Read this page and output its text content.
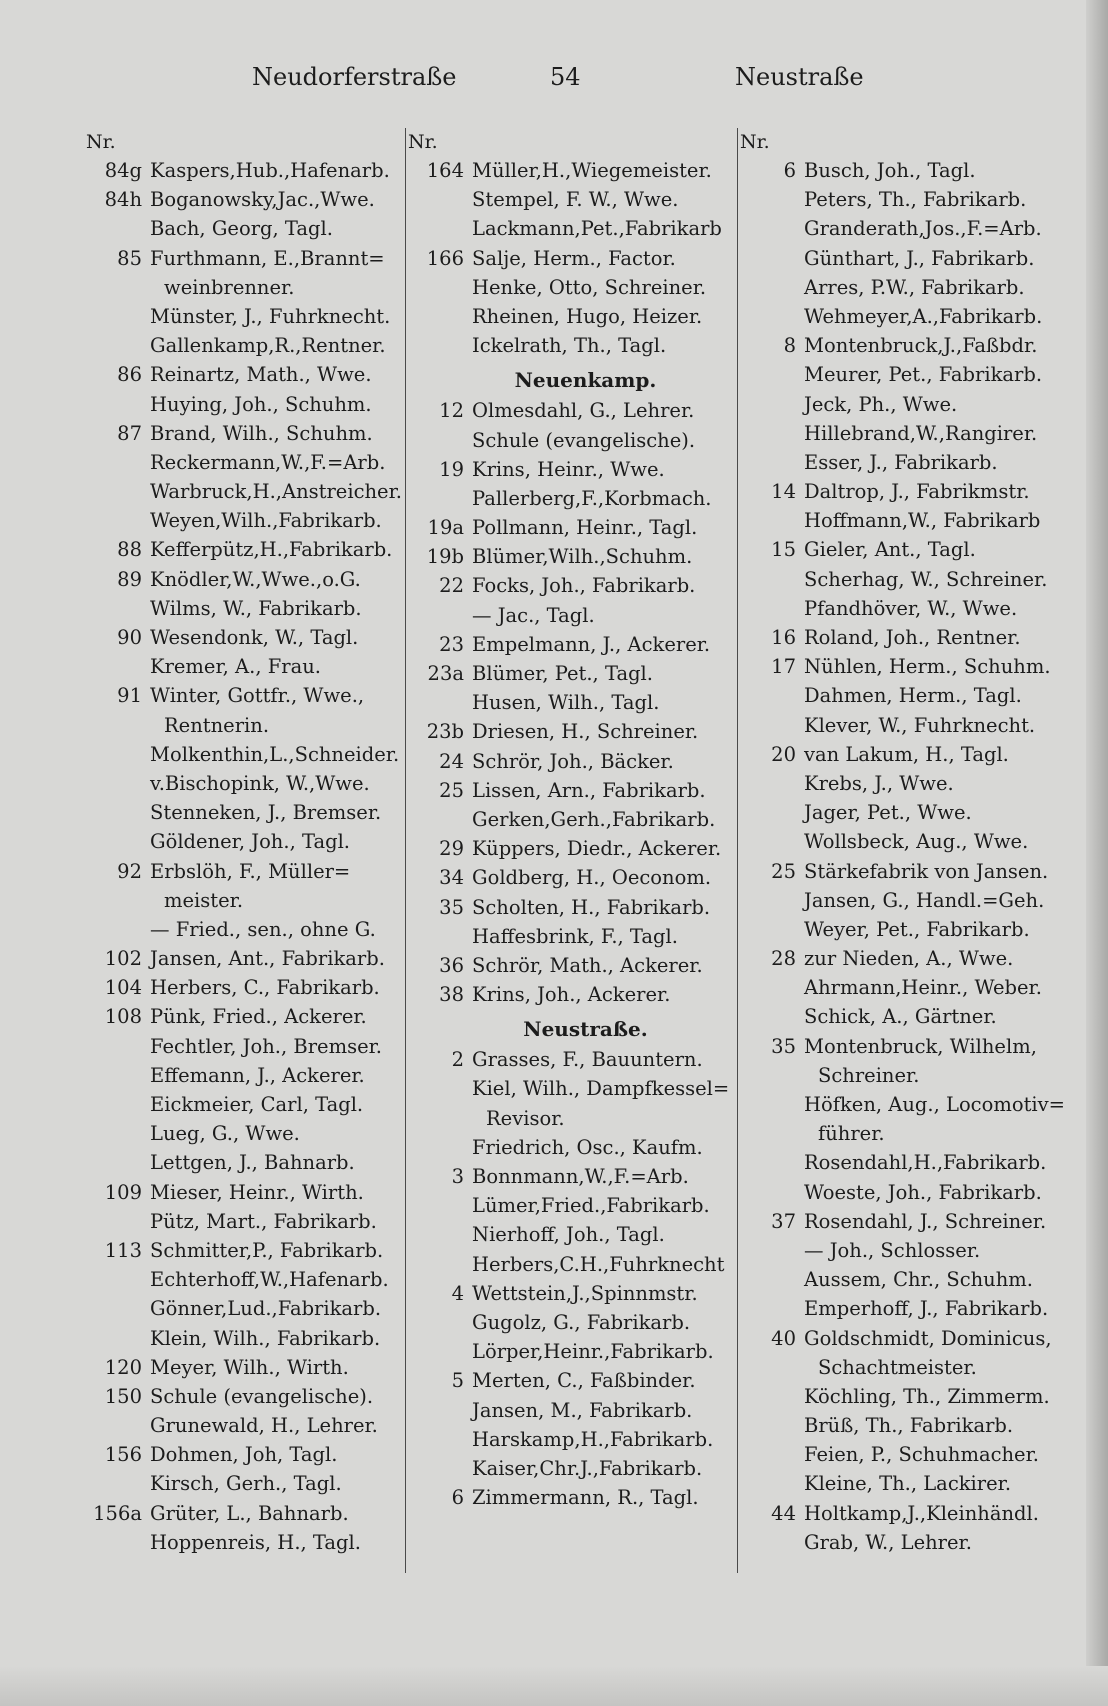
Neudorferstraße	54	Neustraße
Nr.
84g Kaspers,Hub.,Hafenarb.
84h Boganowsky,Jac.,Wwe.
Bach, Georg, Tagl.
85 Furthmann, E.,Brannt=
weinbrenner.
Münster, J., Fuhrknecht.
Gallenkamp,R.,Rentner.
86 Reinartz, Math., Wwe.
Huying, Joh., Schuhm.
87 Brand, Wilh., Schuhm.
Reckermann,W.,F.=Arb.
Warbruck,H.,Anstreicher.
Weyen,Wilh.,Fabrikarb.
88 Kefferpütz,H.,Fabrikarb.
89 Knödler,W.,Wwe.,o.G.
Wilms, W., Fabrikarb.
90 Wesendonk, W., Tagl.
Kremer, A., Frau.
91 Winter, Gottfr., Wwe.,
Rentnerin.
Molkenthin,L.,Schneider.
v.Bischopink, W.,Wwe.
Stenneken, J., Bremser.
Göldener, Joh., Tagl.
92 Erbslöh, F., Müller=
meister.
— Fried., sen., ohne G.
102 Jansen, Ant., Fabrikarb.
104 Herbers, C., Fabrikarb.
108 Pünk, Fried., Ackerer.
Fechtler, Joh., Bremser.
Effemann, J., Ackerer.
Eickmeier, Carl, Tagl.
Lueg, G., Wwe.
Lettgen, J., Bahnarb.
109 Mieser, Heinr., Wirth.
Pütz, Mart., Fabrikarb.
113 Schmitter,P., Fabrikarb.
Echterhoff,W.,Hafenarb.
Gönner,Lud.,Fabrikarb.
Klein, Wilh., Fabrikarb.
120 Meyer, Wilh., Wirth.
150 Schule (evangelische).
Grunewald, H., Lehrer.
156 Dohmen, Joh, Tagl.
Kirsch, Gerh., Tagl.
156a Grüter, L., Bahnarb.
Hoppenreis, H., Tagl.
Nr.
164 Müller,H.,Wiegemeister.
Stempel, F. W., Wwe.
Lackmann,Pet.,Fabrikarb
166 Salje, Herm., Factor.
Henke, Otto, Schreiner.
Rheinen, Hugo, Heizer.
Ickelrath, Th., Tagl.
Neuenkamp.
12 Olmesdahl, G., Lehrer.
Schule (evangelische).
19 Krins, Heinr., Wwe.
Pallerberg,F.,Korbmach.
19a Pollmann, Heinr., Tagl.
19b Blümer,Wilh.,Schuhm.
22 Focks, Joh., Fabrikarb.
— Jac., Tagl.
23 Empelmann, J., Ackerer.
23a Blümer, Pet., Tagl.
Husen, Wilh., Tagl.
23b Driesen, H., Schreiner.
24 Schrör, Joh., Bäcker.
25 Lissen, Arn., Fabrikarb.
Gerken,Gerh.,Fabrikarb.
29 Küppers, Diedr., Ackerer.
34 Goldberg, H., Oeconom.
35 Scholten, H., Fabrikarb.
Haffesbrink, F., Tagl.
36 Schrör, Math., Ackerer.
38 Krins, Joh., Ackerer.
Neustraße.
2 Grasses, F., Bauuntern.
Kiel, Wilh., Dampfkessel=
Revisor.
Friedrich, Osc., Kaufm.
3 Bonnmann,W.,F.=Arb.
Lümer,Fried.,Fabrikarb.
Nierhoff, Joh., Tagl.
Herbers,C.H.,Fuhrknecht
4 Wettstein,J.,Spinnmstr.
Gugolz, G., Fabrikarb.
Lörper,Heinr.,Fabrikarb.
5 Merten, C., Faßbinder.
Jansen, M., Fabrikarb.
Harskamp,H.,Fabrikarb.
Kaiser,Chr.J.,Fabrikarb.
6 Zimmermann, R., Tagl.
Nr.
6 Busch, Joh., Tagl.
Peters, Th., Fabrikarb.
Granderath,Jos.,F.=Arb.
Günthart, J., Fabrikarb.
Arres, P.W., Fabrikarb.
Wehmeyer,A.,Fabrikarb.
8 Montenbruck,J.,Faßbdr.
Meurer, Pet., Fabrikarb.
Jeck, Ph., Wwe.
Hillebrand,W.,Rangirer.
Esser, J., Fabrikarb.
14 Daltrop, J., Fabrikmstr.
Hoffmann,W., Fabrikarb
15 Gieler, Ant., Tagl.
Scherhag, W., Schreiner.
Pfandhöver, W., Wwe.
16 Roland, Joh., Rentner.
17 Nühlen, Herm., Schuhm.
Dahmen, Herm., Tagl.
Klever, W., Fuhrknecht.
20 van Lakum, H., Tagl.
Krebs, J., Wwe.
Jager, Pet., Wwe.
Wollsbeck, Aug., Wwe.
25 Stärkefabrik von Jansen.
Jansen, G., Handl.=Geh.
Weyer, Pet., Fabrikarb.
28 zur Nieden, A., Wwe.
Ahrmann,Heinr., Weber.
Schick, A., Gärtner.
35 Montenbruck, Wilhelm,
Schreiner.
Höfken, Aug., Locomotiv=
führer.
Rosendahl,H.,Fabrikarb.
Woeste, Joh., Fabrikarb.
37 Rosendahl, J., Schreiner.
— Joh., Schlosser.
Aussem, Chr., Schuhm.
Emperhoff, J., Fabrikarb.
40 Goldschmidt, Dominicus,
Schachtmeister.
Köchling, Th., Zimmerm.
Brüß, Th., Fabrikarb.
Feien, P., Schuhmacher.
Kleine, Th., Lackirer.
44 Holtkamp,J.,Kleinhändl.
Grab, W., Lehrer.
